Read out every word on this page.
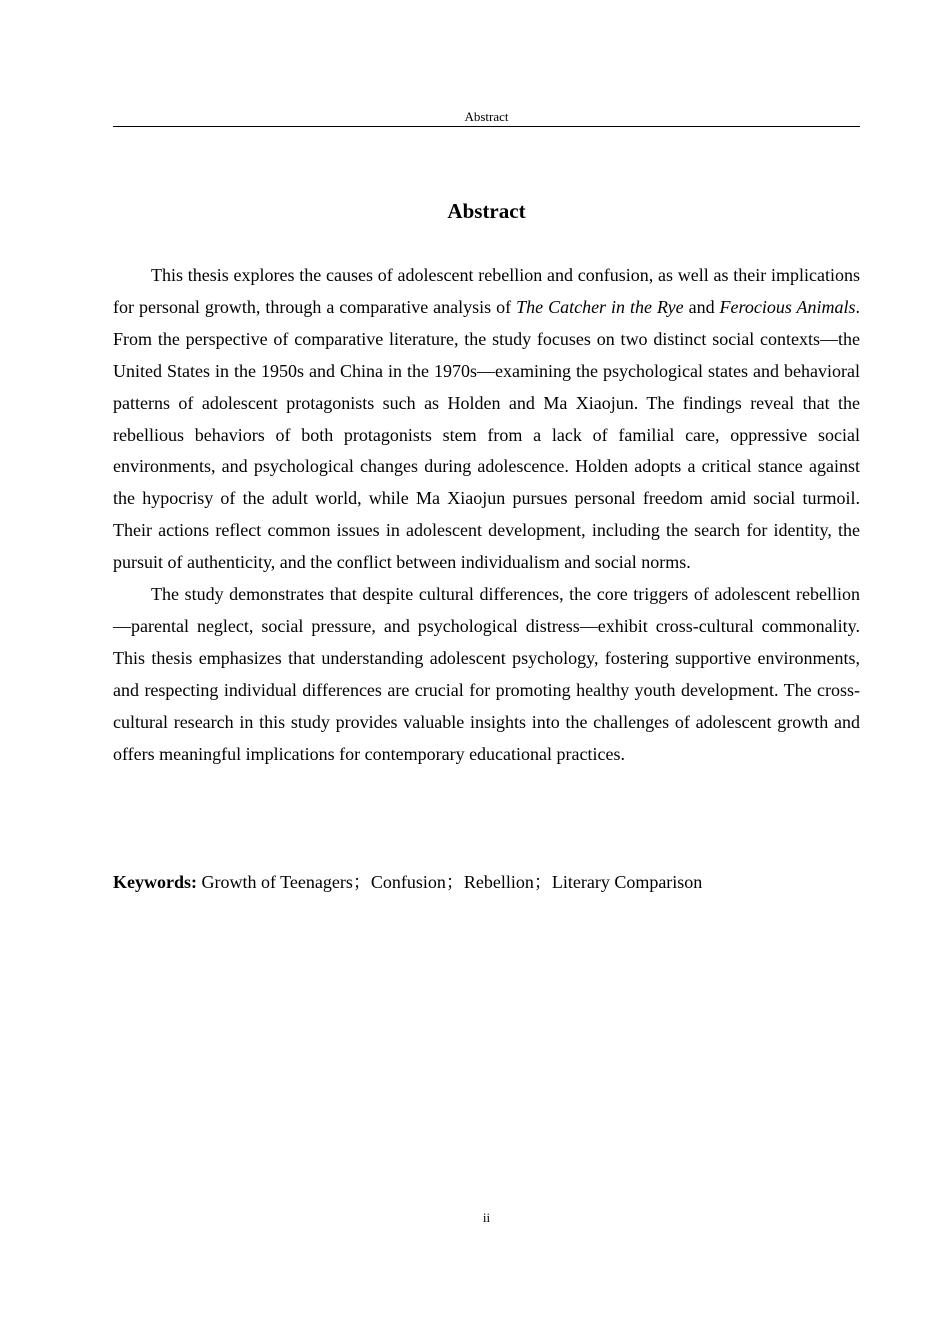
Abstract
Abstract

This thesis explores the causes of adolescent rebellion and confusion, as well as their implications for personal growth, through a comparative analysis of The Catcher in the Rye and Ferocious Animals. From the perspective of comparative literature, the study focuses on two distinct social contexts—the United States in the 1950s and China in the 1970s—examining the psychological states and behavioral patterns of adolescent protagonists such as Holden and Ma Xiaojun. The findings reveal that the rebellious behaviors of both protagonists stem from a lack of familial care, oppressive social environments, and psychological changes during adolescence. Holden adopts a critical stance against the hypocrisy of the adult world, while Ma Xiaojun pursues personal freedom amid social turmoil. Their actions reflect common issues in adolescent development, including the search for identity, the pursuit of authenticity, and the conflict between individualism and social norms.

The study demonstrates that despite cultural differences, the core triggers of adolescent rebellion—parental neglect, social pressure, and psychological distress—exhibit cross-cultural commonality. This thesis emphasizes that understanding adolescent psychology, fostering supportive environments, and respecting individual differences are crucial for promoting healthy youth development. The cross-cultural research in this study provides valuable insights into the challenges of adolescent growth and offers meaningful implications for contemporary educational practices.

Keywords: Growth of Teenagers；Confusion；Rebellion；Literary Comparison

ii
